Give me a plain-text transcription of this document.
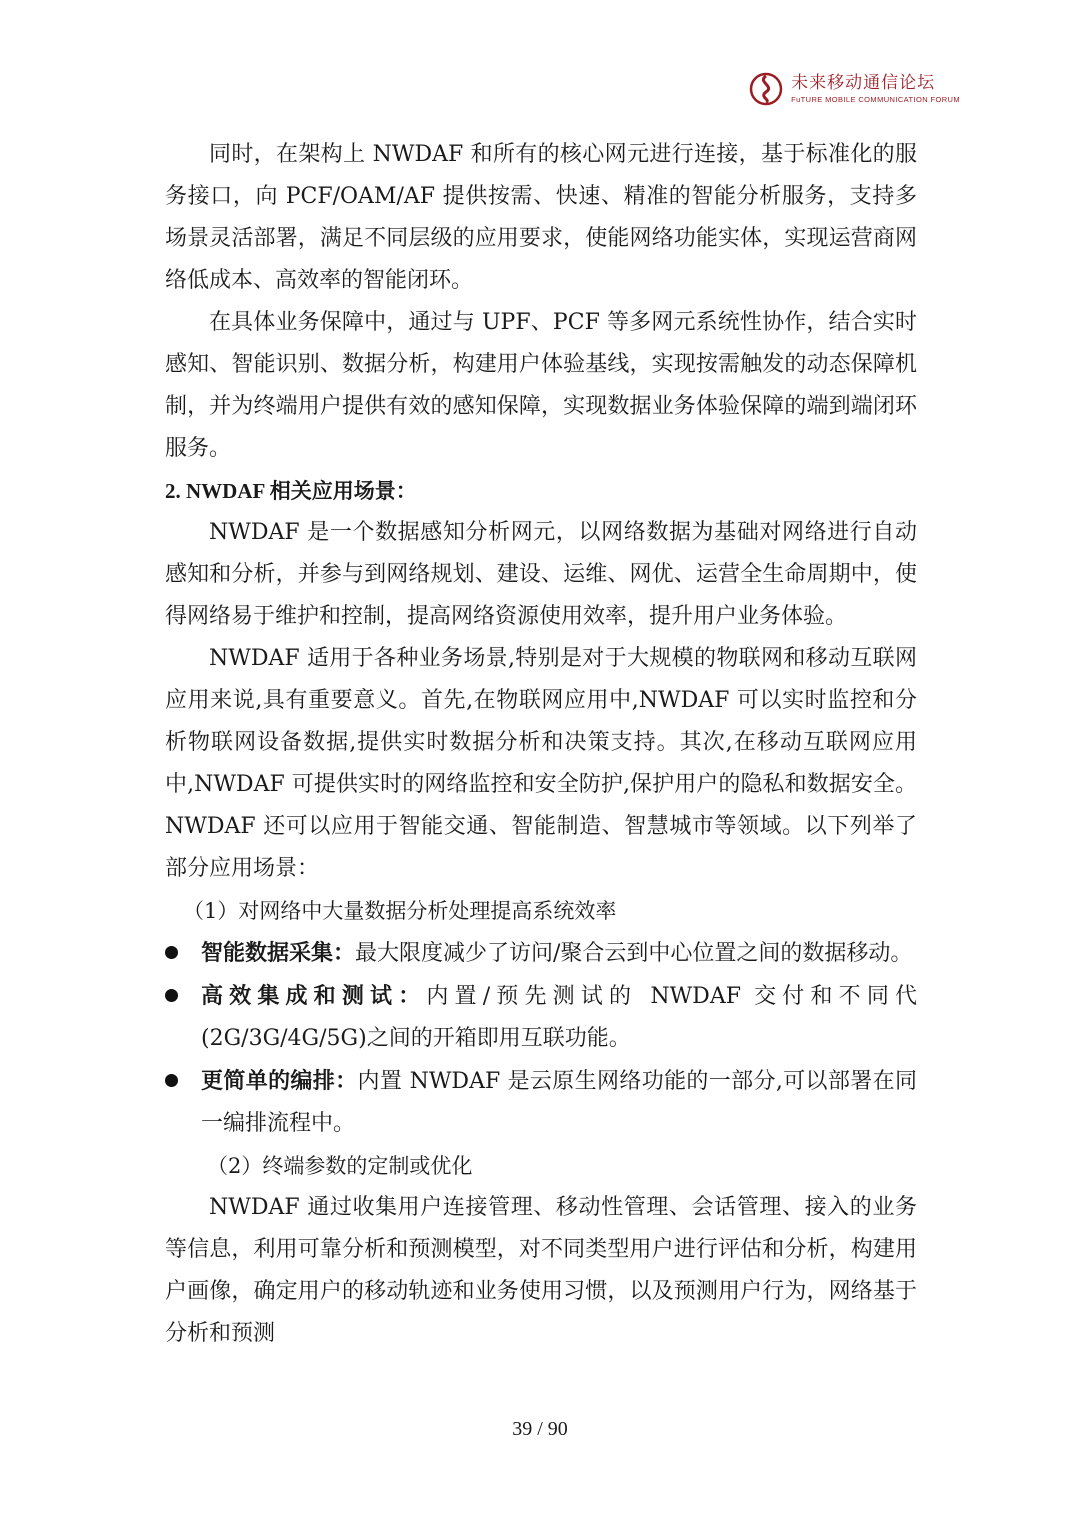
未来移动通信论坛
FuTURE MOBILE COMMUNICATION FORUM

同时，在架构上 NWDAF 和所有的核心网元进行连接，基于标准化的服务接口，向 PCF/OAM/AF 提供按需、快速、精准的智能分析服务，支持多场景灵活部署，满足不同层级的应用要求，使能网络功能实体，实现运营商网络低成本、高效率的智能闭环。

在具体业务保障中，通过与 UPF、PCF 等多网元系统性协作，结合实时感知、智能识别、数据分析，构建用户体验基线，实现按需触发的动态保障机制，并为终端用户提供有效的感知保障，实现数据业务体验保障的端到端闭环服务。

2. NWDAF 相关应用场景：

NWDAF 是一个数据感知分析网元，以网络数据为基础对网络进行自动感知和分析，并参与到网络规划、建设、运维、网优、运营全生命周期中，使得网络易于维护和控制，提高网络资源使用效率，提升用户业务体验。

NWDAF 适用于各种业务场景,特别是对于大规模的物联网和移动互联网应用来说,具有重要意义。首先,在物联网应用中,NWDAF 可以实时监控和分析物联网设备数据,提供实时数据分析和决策支持。其次,在移动互联网应用中,NWDAF 可提供实时的网络监控和安全防护,保护用户的隐私和数据安全。NWDAF 还可以应用于智能交通、智能制造、智慧城市等领域。以下列举了部分应用场景：

（1）对网络中大量数据分析处理提高系统效率

智能数据采集：最大限度减少了访问/聚合云到中心位置之间的数据移动。

高效集成和测试：内置/预先测试的 NWDAF 交付和不同代(2G/3G/4G/5G)之间的开箱即用互联功能。

更简单的编排：内置 NWDAF 是云原生网络功能的一部分,可以部署在同一编排流程中。

（2）终端参数的定制或优化

NWDAF 通过收集用户连接管理、移动性管理、会话管理、接入的业务等信息，利用可靠分析和预测模型，对不同类型用户进行评估和分析，构建用户画像，确定用户的移动轨迹和业务使用习惯，以及预测用户行为，网络基于分析和预测

39 / 90
